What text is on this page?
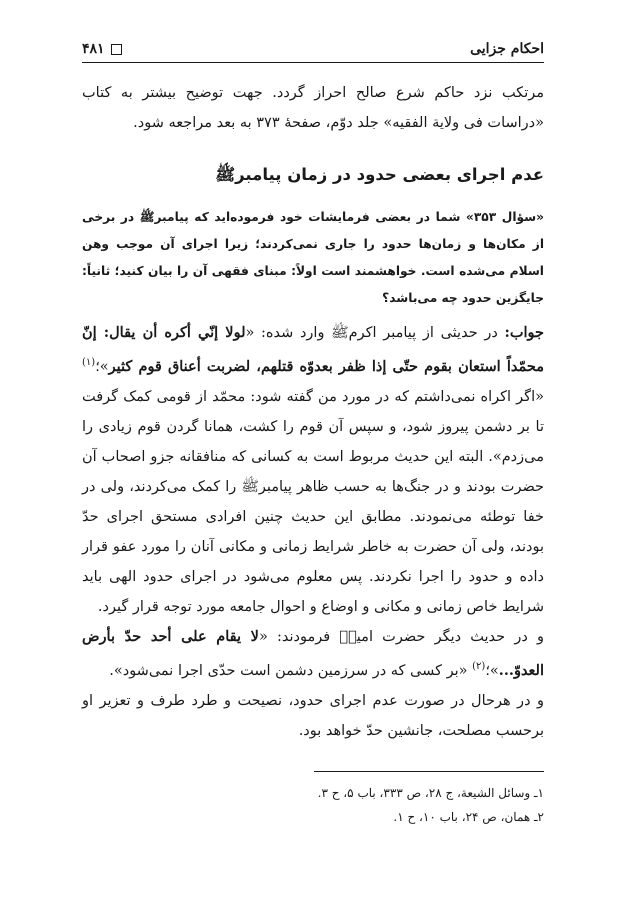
احکام جزایی
۴۸۱

مرتکب نزد حاکم شرع صالح احراز گردد. جهت توضیح بیشتر به کتاب «دراسات فی ولایة الفقیه» جلد دوّم، صفحهٔ ۳۷۳ به بعد مراجعه شود.

عدم اجرای بعضی حدود در زمان پیامبرﷺ

«سؤال ۳۵۳» شما در بعضی فرمایشات خود فرموده‌اید که پیامبرﷺ در برخی از مکان‌ها و زمان‌ها حدود را جاری نمی‌کردند؛ زیرا اجرای آن موجب وهن اسلام می‌شده است. خواهشمند است اولاً: مبنای فقهی آن را بیان کنید؛ ثانیاً: جایگزین حدود چه می‌باشد؟

جواب: در حدیثی از پیامبر اکرمﷺ وارد شده: «لولا إنّي أكره أن يقال: إنّ محمّداً استعان بقوم حتّى إذا ظفر بعدوّه قتلهم، لضربت أعناق قوم كثير»؛$^{(۱)}$ «اگر اکراه نمی‌داشتم که در مورد من گفته شود: محمّد از قومی کمک گرفت تا بر دشمن پیروز شود، و سپس آن قوم را کشت، همانا گردن قوم زیادی را می‌زدم». البته این حدیث مربوط است به کسانی که منافقانه جزو اصحاب آن حضرت بودند و در جنگ‌ها به حسب ظاهر پیامبرﷺ را کمک می‌کردند، ولی در خفا توطئه می‌نمودند. مطابق این حدیث چنین افرادی مستحق اجرای حدّ بودند، ولی آن حضرت به خاطر شرایط زمانی و مکانی آنان را مورد عفو قرار داده و حدود را اجرا نکردند. پس معلوم می‌شود در اجرای حدود الهی باید شرایط خاص زمانی و مکانی و اوضاع و احوال جامعه مورد توجه قرار گیرد.

و در حدیث دیگر حضرت امیرؑ فرمودند: «لا يقام على أحد حدّ بأرض العدوّ...»؛$^{(۲)}$ «بر کسی که در سرزمین دشمن است حدّی اجرا نمی‌شود».

و در هرحال در صورت عدم اجرای حدود، نصیحت و طرد طرف و تعزیر او برحسب مصلحت، جانشین حدّ خواهد بود.

۱ـ وسائل الشیعة، ج ۲۸، ص ۳۳۳، باب ۵، ح ۳.

۲ـ همان، ص ۲۴، باب ۱۰، ح ۱.
